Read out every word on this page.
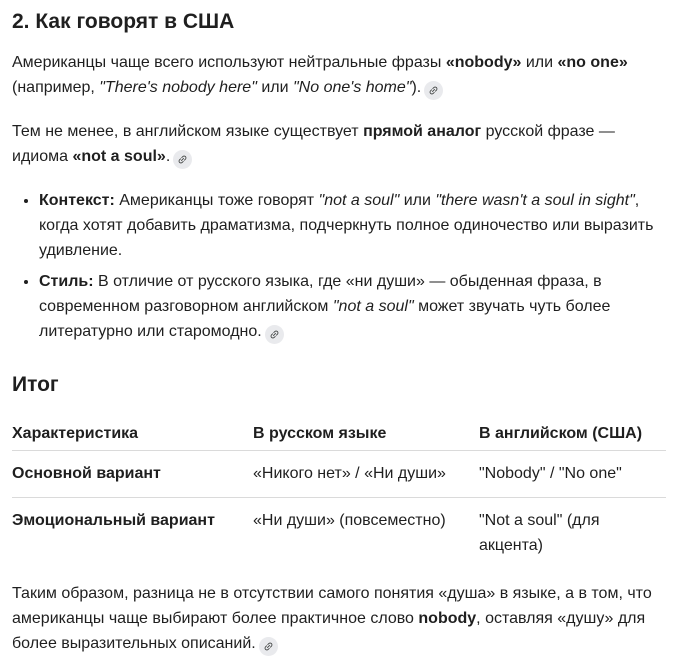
2. Как говорят в США

Американцы чаще всего используют нейтральные фразы «nobody» или «no one» (например, "There's nobody here" или "No one's home").

Тем не менее, в английском языке существует прямой аналог русской фразе — идиома «not a soul».

• Контекст: Американцы тоже говорят "not a soul" или "there wasn't a soul in sight", когда хотят добавить драматизма, подчеркнуть полное одиночество или выразить удивление.
• Стиль: В отличие от русского языка, где «ни души» — обыденная фраза, в современном разговорном английском "not a soul" может звучать чуть более литературно или старомодно.
Итог
Характеристика	В русском языке	В английском (США)
Основной вариант	«Никого нет» / «Ни души»	"Nobody" / "No one"
Эмоциональный вариант	«Ни души» (повсеместно)	"Not a soul" (для акцента)

Таким образом, разница не в отсутствии самого понятия «душа» в языке, а в том, что американцы чаще выбирают более практичное слово nobody, оставляя «душу» для более выразительных описаний.
